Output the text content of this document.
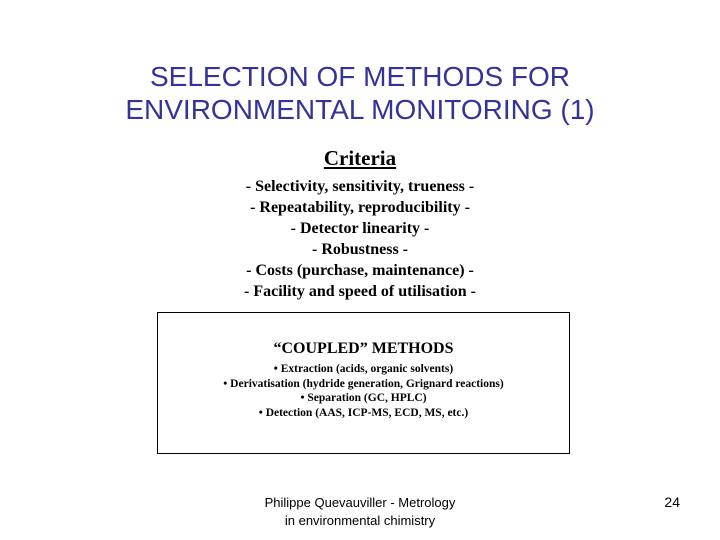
SELECTION OF METHODS FOR
ENVIRONMENTAL MONITORING (1)
Criteria
- Selectivity, sensitivity, trueness -
- Repeatability, reproducibility -
- Detector linearity -
- Robustness -
- Costs (purchase, maintenance) -
- Facility and speed of utilisation -
“COUPLED” METHODS
• Extraction (acids, organic solvents)
• Derivatisation (hydride generation, Grignard reactions)
• Separation (GC, HPLC)
• Detection (AAS, ICP-MS, ECD, MS, etc.)
Philippe Quevauviller - Metrology
in environmental chimistry
24
